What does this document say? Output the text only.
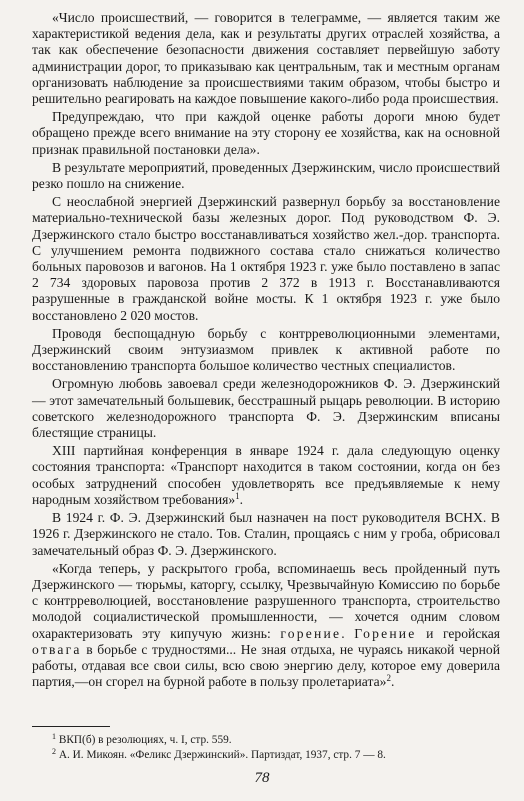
«Число происшествий, — говорится в телеграмме, — является таким же характеристикой ведения дела, как и результаты других отраслей хозяйства, а так как обеспечение безопасности движения составляет первейшую заботу администрации дорог, то приказываю как центральным, так и местным органам организовать наблюдение за происшествиями таким образом, чтобы быстро и решительно реагировать на каждое повышение какого-либо рода происшествия.

Предупреждаю, что при каждой оценке работы дороги мною будет обращено прежде всего внимание на эту сторону ее хозяйства, как на основной признак правильной постановки дела».

В результате мероприятий, проведенных Дзержинским, число происшествий резко пошло на снижение.

С неослабной энергией Дзержинский развернул борьбу за восстановление материально-технической базы железных дорог. Под руководством Ф. Э. Дзержинского стало быстро восстанавливаться хозяйство жел.-дор. транспорта. С улучшением ремонта подвижного состава стало снижаться количество больных паровозов и вагонов. На 1 октября 1923 г. уже было поставлено в запас 2 734 здоровых паровоза против 2 372 в 1913 г. Восстанавливаются разрушенные в гражданской войне мосты. К 1 октября 1923 г. уже было восстановлено 2 020 мостов.

Проводя беспощадную борьбу с контрреволюционными элементами, Дзержинский своим энтузиазмом привлек к активной работе по восстановлению транспорта большое количество честных специалистов.

Огромную любовь завоевал среди железнодорожников Ф. Э. Дзержинский — этот замечательный большевик, бесстрашный рыцарь революции. В историю советского железнодорожного транспорта Ф. Э. Дзержинским вписаны блестящие страницы.

XIII партийная конференция в январе 1924 г. дала следующую оценку состояния транспорта: «Транспорт находится в таком состоянии, когда он без особых затруднений способен удовлетворять все предъявляемые к нему народным хозяйством требования»$^1$.

В 1924 г. Ф. Э. Дзержинский был назначен на пост руководителя ВСНХ. В 1926 г. Дзержинского не стало. Тов. Сталин, прощаясь с ним у гроба, обрисовал замечательный образ Ф. Э. Дзержинского.

«Когда теперь, у раскрытого гроба, вспоминаешь весь пройденный путь Дзержинского — тюрьмы, каторгу, ссылку, Чрезвычайную Комиссию по борьбе с контрреволюцией, восстановление разрушенного транспорта, строительство молодой социалистической промышленности, — хочется одним словом охарактеризовать эту кипучую жизнь: горение. Горение и геройская отвага в борьбе с трудностями... Не зная отдыха, не чураясь никакой черной работы, отдавая все свои силы, всю свою энергию делу, которое ему доверила партия,—он сгорел на бурной работе в пользу пролетариата»$^2$.

$^1$ ВКП(б) в резолюциях, ч. I, стр. 559.
$^2$ А. И. Микоян. «Феликс Дзержинский». Партиздат, 1937, стр. 7 — 8.
78
